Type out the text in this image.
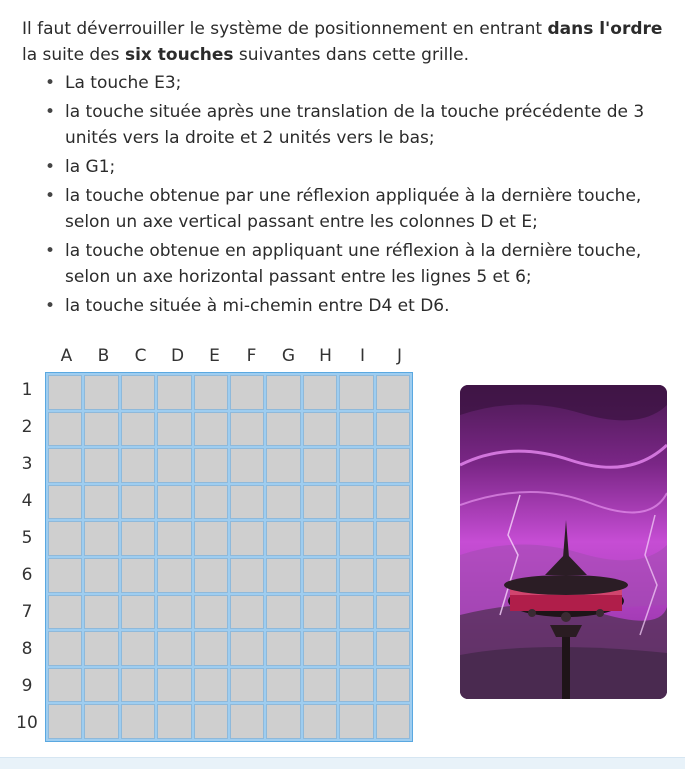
Il faut déverrouiller le système de positionnement en entrant dans l'ordre la suite des six touches suivantes dans cette grille.

• La touche E3;
• la touche située après une translation de la touche précédente de 3 unités vers la droite et 2 unités vers le bas;
• la G1;
• la touche obtenue par une réflexion appliquée à la dernière touche, selon un axe vertical passant entre les colonnes D et E;
• la touche obtenue en appliquant une réflexion à la dernière touche, selon un axe horizontal passant entre les lignes 5 et 6;
• la touche située à mi-chemin entre D4 et D6.
A	B	C	D	E	F	G	H	I	J
1
2
3
4
5
6
7
8
9
10
